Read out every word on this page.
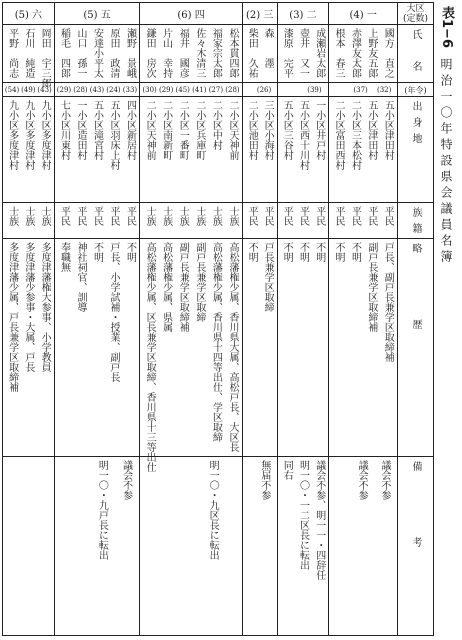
表1−6
明治一〇年特設県会議員名簿
大区
(定数)
氏　名
(年令)
出身地
族籍
略　歴
備　考
(4) 一
國方　直之
上野友五郎
赤澤友太郎
根本　春三
(32)
(37)
五小区津田村
五小区津田村
二小区三本松村
二小区富田西村
平民
平民
平民
平民
戸長、副戸長兼学区取締補
副戸長兼学区取締補
不明
不明
議会不参
議会不参
(3) 二
成瀬岩太郎
壺井　又一
漆原　完平
(39)
一小区井戸村
五小区西十川村
五小区三谷村
平民
平民
平民
不明
不明
不明
議会不参、明一一・四辞任
明一〇・一二区長に転出
同右
(2) 三
森　　濹
柴田　久祐
(26)
三小区小海村
二小区池田村
平民
平民
戸長兼学区取締
不明
無届不参
(6) 四
松本貫四郎
福家宗太郎
佐々木清三
福井　國彦
片山　幸持
鎌田　房次
(28)
(27)
(41)
(45)
(29)
(30)
二小区天神前
二小区中村
二小区兵庫町
二小区一番町
二小区南新町
二小区天神前
士族
士族
士族
士族
士族
士族
高松藩権少属、香川県大属、高松戸長、大区長
高松藩権少属、香川県十四等出仕、学区取締
副戸長兼学区取締
副戸長兼学区取締補
高松藩権少属、県属
高松藩権少属、区長兼学区取締、香川県十三等出仕
明一〇・九区長に転出
(5) 五
瀬野　景峨
原田　政清
安達小平太
山口　孫一
稲毛　四郎
(33)
(24)
(43)
(28)
(29)
四小区新居村
五小区羽床上村
五小区滝宮村
一小区造田村
七小区川東村
平民
平民
平民
平民
平民
不明
戸長、小学試補・授業、副戸長
不明
神社祠官、訓導
奉職無
議会不参
明一〇・九戸長に転出
(5) 六
岡田　宇三郎
石川　純造
平野　尚志
(43)
(49)
(54)
九小区多度津村
九小区多度津村
九小区多度津村
士族
士族
士族
多度津藩権大参事、小学教員
多度津藩少参事・大属、戸長
多度津藩少属、戸長兼学区取締補
